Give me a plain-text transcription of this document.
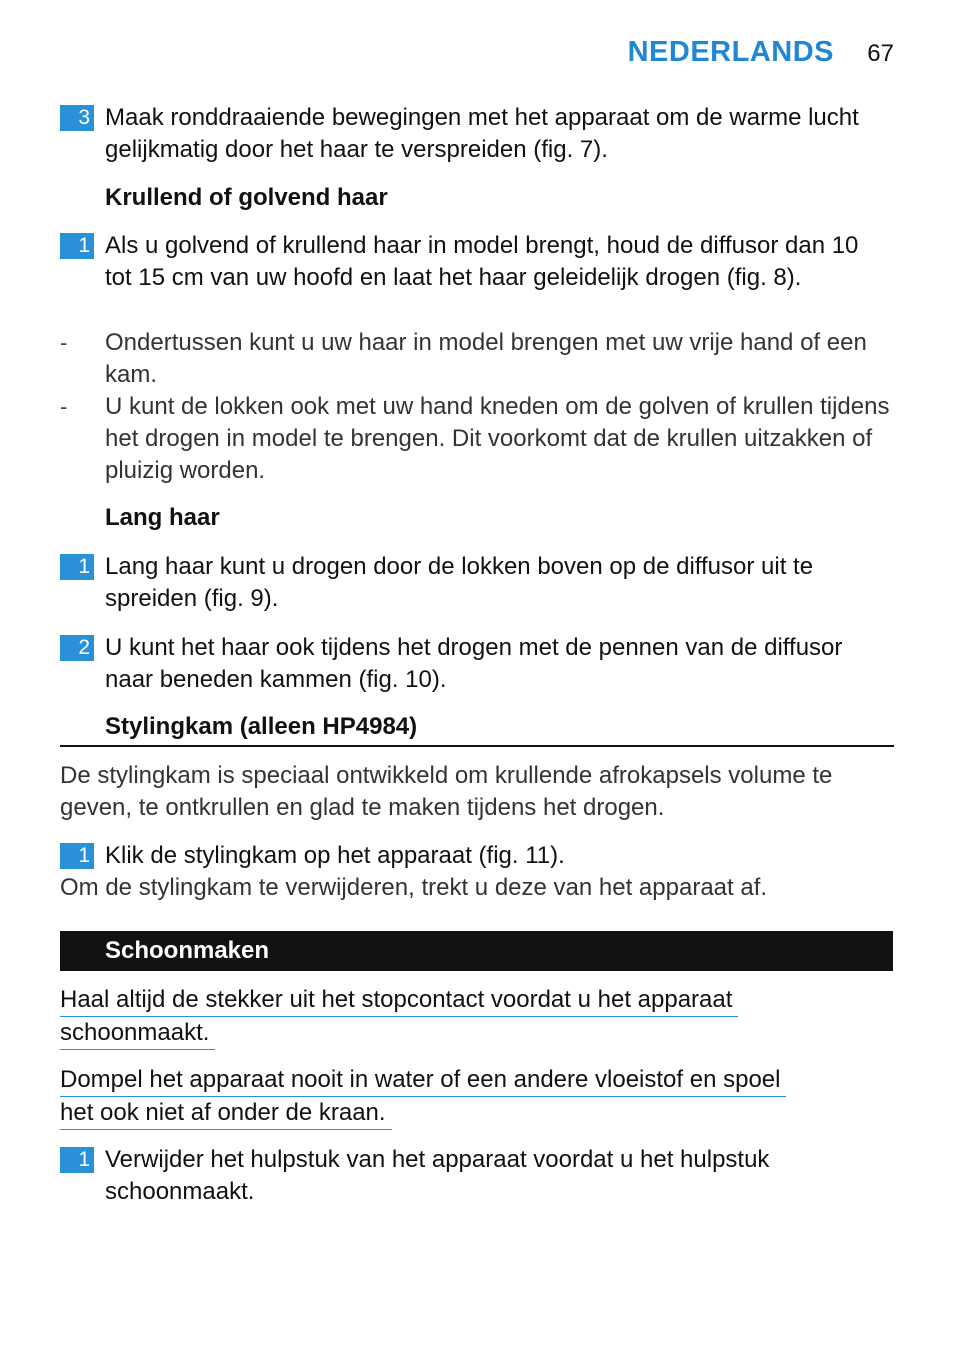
NEDERLANDS 67
3 Maak ronddraaiende bewegingen met het apparaat om de warme lucht gelijkmatig door het haar te verspreiden (fig. 7).
Krullend of golvend haar
1 Als u golvend of krullend haar in model brengt, houd de diffusor dan 10 tot 15 cm van uw hoofd en laat het haar geleidelijk drogen (fig. 8).
- Ondertussen kunt u uw haar in model brengen met uw vrije hand of een kam.
- U kunt de lokken ook met uw hand kneden om de golven of krullen tijdens het drogen in model te brengen. Dit voorkomt dat de krullen uitzakken of pluizig worden.
Lang haar
1 Lang haar kunt u drogen door de lokken boven op de diffusor uit te spreiden (fig. 9).
2 U kunt het haar ook tijdens het drogen met de pennen van de diffusor naar beneden kammen (fig. 10).
Stylingkam (alleen HP4984)
De stylingkam is speciaal ontwikkeld om krullende afrokapsels volume te geven, te ontkrullen en glad te maken tijdens het drogen.
1 Klik de stylingkam op het apparaat (fig. 11).
Om de stylingkam te verwijderen, trekt u deze van het apparaat af.
Schoonmaken
Haal altijd de stekker uit het stopcontact voordat u het apparaat
schoonmaakt.
Dompel het apparaat nooit in water of een andere vloeistof en spoel
het ook niet af onder de kraan.
1 Verwijder het hulpstuk van het apparaat voordat u het hulpstuk schoonmaakt.
